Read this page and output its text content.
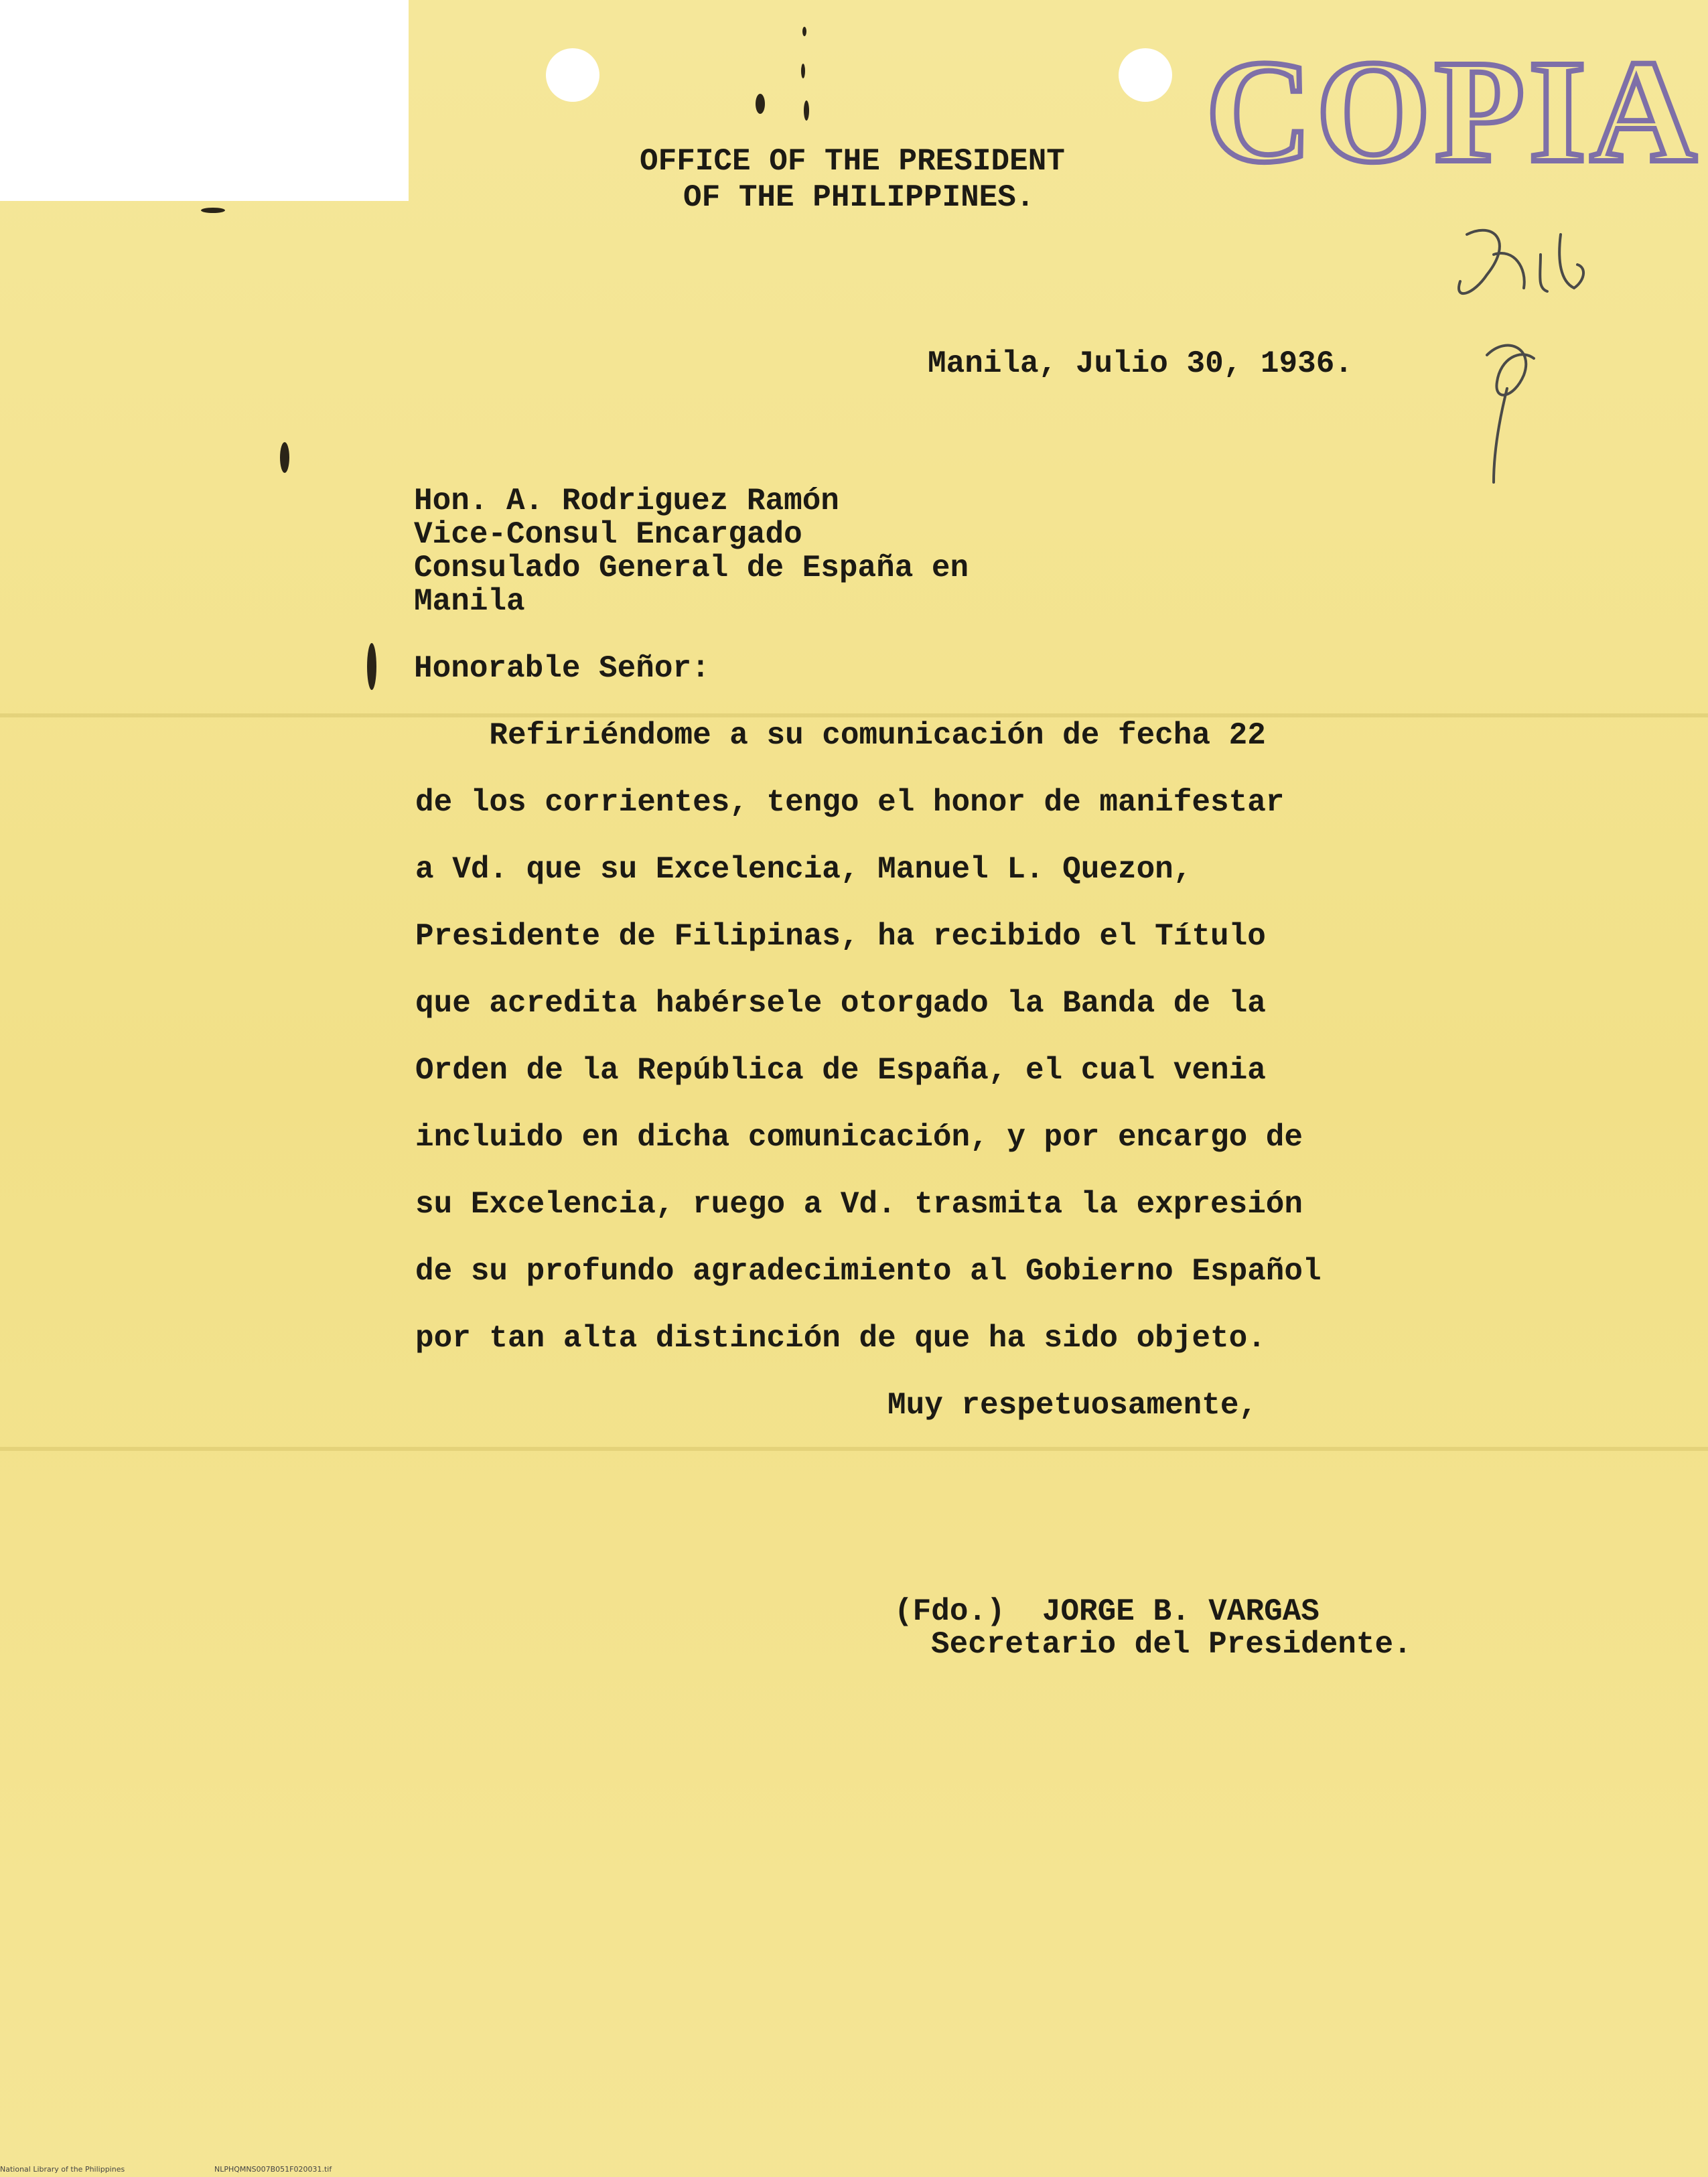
COPIA
OFFICE OF THE PRESIDENT
OF THE PHILIPPINES.
Manila, Julio 30, 1936.
Hon. A. Rodriguez Ramón
Vice-Consul Encargado
Consulado General de España en
Manila
Honorable Señor:
Refiriéndome a su comunicación de fecha 22
de los corrientes, tengo el honor de manifestar
a Vd. que su Excelencia, Manuel L. Quezon,
Presidente de Filipinas, ha recibido el Título
que acredita habérsele otorgado la Banda de la
Orden de la República de España, el cual venia
incluido en dicha comunicación, y por encargo de
su Excelencia, ruego a Vd. trasmita la expresión
de su profundo agradecimiento al Gobierno Español
por tan alta distinción de que ha sido objeto.
Muy respetuosamente,
(Fdo.)  JORGE B. VARGAS
Secretario del Presidente.
National Library of the Philippines	NLPHQMNS007B051F020031.tif
